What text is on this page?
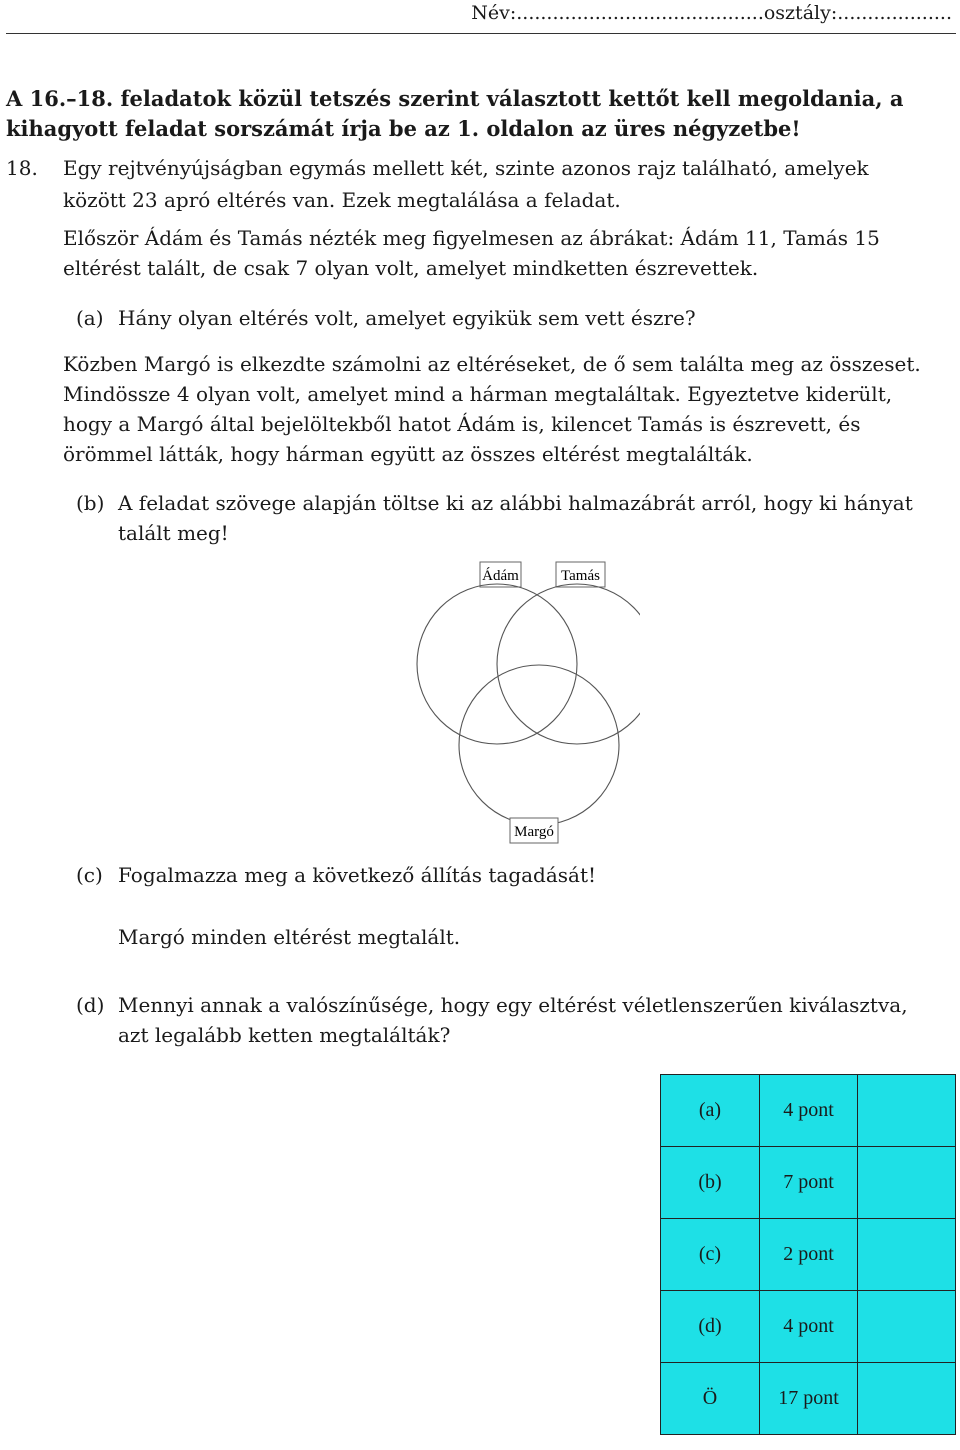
Név:.........................................osztály:...................
A 16.–18. feladatok közül tetszés szerint választott kettőt kell megoldania, a
kihagyott feladat sorszámát írja be az 1. oldalon az üres négyzetbe!
18. Egy rejtvényújságban egymás mellett két, szinte azonos rajz található, amelyek
között 23 apró eltérés van. Ezek megtalálása a feladat.
Először Ádám és Tamás nézték meg figyelmesen az ábrákat: Ádám 11, Tamás 15
eltérést talált, de csak 7 olyan volt, amelyet mindketten észrevettek.
(a) Hány olyan eltérés volt, amelyet egyikük sem vett észre?
Közben Margó is elkezdte számolni az eltéréseket, de ő sem találta meg az összeset.
Mindössze 4 olyan volt, amelyet mind a hárman megtaláltak. Egyeztetve kiderült,
hogy a Margó által bejelöltekből hatot Ádám is, kilencet Tamás is észrevett, és
örömmel látták, hogy hárman együtt az összes eltérést megtalálták.
(b) A feladat szövege alapján töltse ki az alábbi halmazábrát arról, hogy ki hányat
talált meg!
Ádám	Tamás
Margó
(c) Fogalmazza meg a következő állítás tagadását!
Margó minden eltérést megtalált.
(d) Mennyi annak a valószínűsége, hogy egy eltérést véletlenszerűen kiválasztva,
azt legalább ketten megtalálták?
(a)	4 pont	
(b)	7 pont	
(c)	2 pont	
(d)	4 pont	
Ö	17 pont	
